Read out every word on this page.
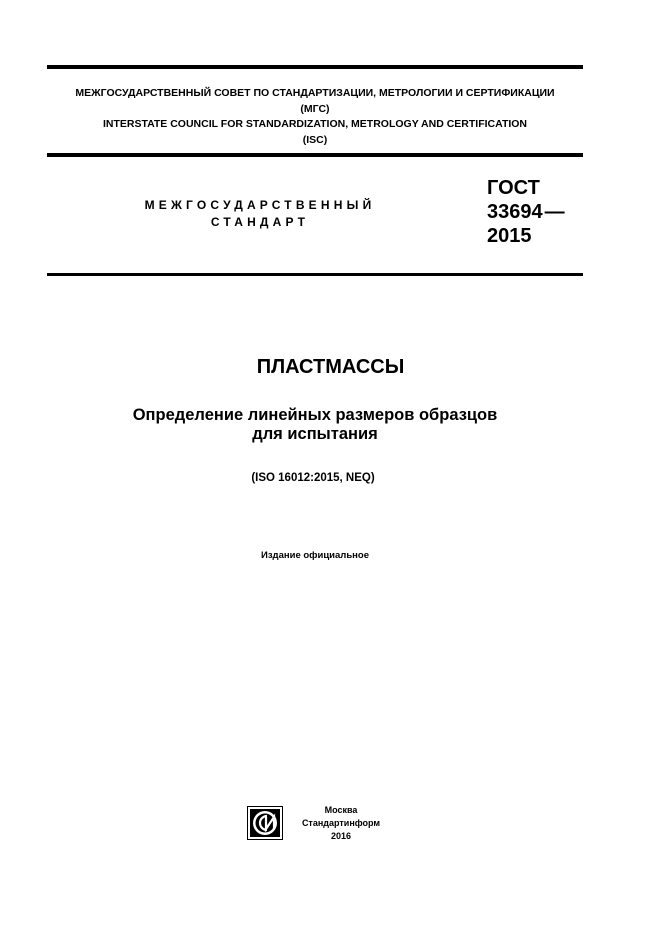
МЕЖГОСУДАРСТВЕННЫЙ СОВЕТ ПО СТАНДАРТИЗАЦИИ, МЕТРОЛОГИИ И СЕРТИФИКАЦИИ
(МГС)
INTERSTATE COUNCIL FOR STANDARDIZATION, METROLOGY AND CERTIFICATION
(ISC)
МЕЖГОСУДАРСТВЕННЫЙ
СТАНДАРТ
ГОСТ
33694 —
2015
ПЛАСТМАССЫ
Определение линейных размеров образцов
для испытания
(ISO 16012:2015, NEQ)
Издание официальное
Москва
Стандартинформ
2016
